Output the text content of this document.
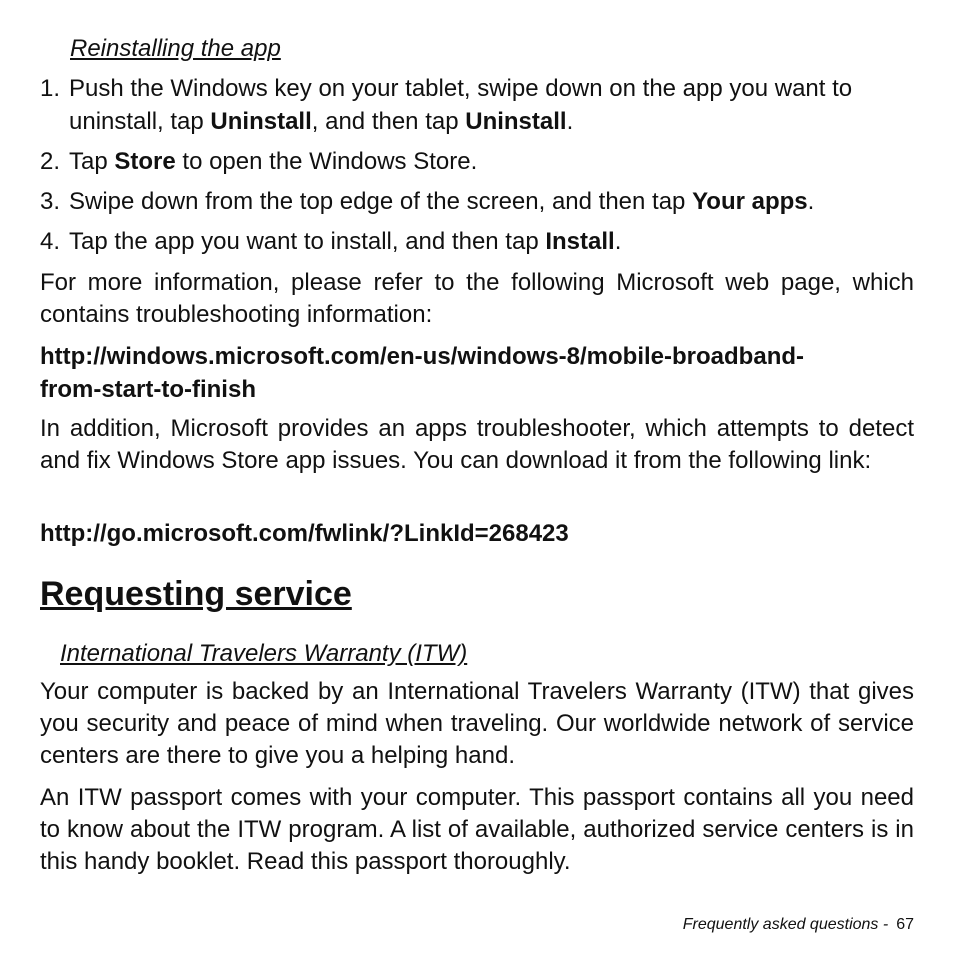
Reinstalling the app

1. Push the Windows key on your tablet, swipe down on the app you want to uninstall, tap Uninstall, and then tap Uninstall.
2. Tap Store to open the Windows Store.
3. Swipe down from the top edge of the screen, and then tap Your apps.
4. Tap the app you want to install, and then tap Install.

For more information, please refer to the following Microsoft web page, which contains troubleshooting information:

http://windows.microsoft.com/en-us/windows-8/mobile-broadband-

from-start-to-finish

In addition, Microsoft provides an apps troubleshooter, which attempts to detect and fix Windows Store app issues. You can download it from the following link:

http://go.microsoft.com/fwlink/?LinkId=268423

Requesting service

International Travelers Warranty (ITW)

Your computer is backed by an International Travelers Warranty (ITW) that gives you security and peace of mind when traveling. Our worldwide network of service centers are there to give you a helping hand.

An ITW passport comes with your computer. This passport contains all you need to know about the ITW program. A list of available, authorized service centers is in this handy booklet. Read this passport thoroughly.

Frequently asked questions - 67
